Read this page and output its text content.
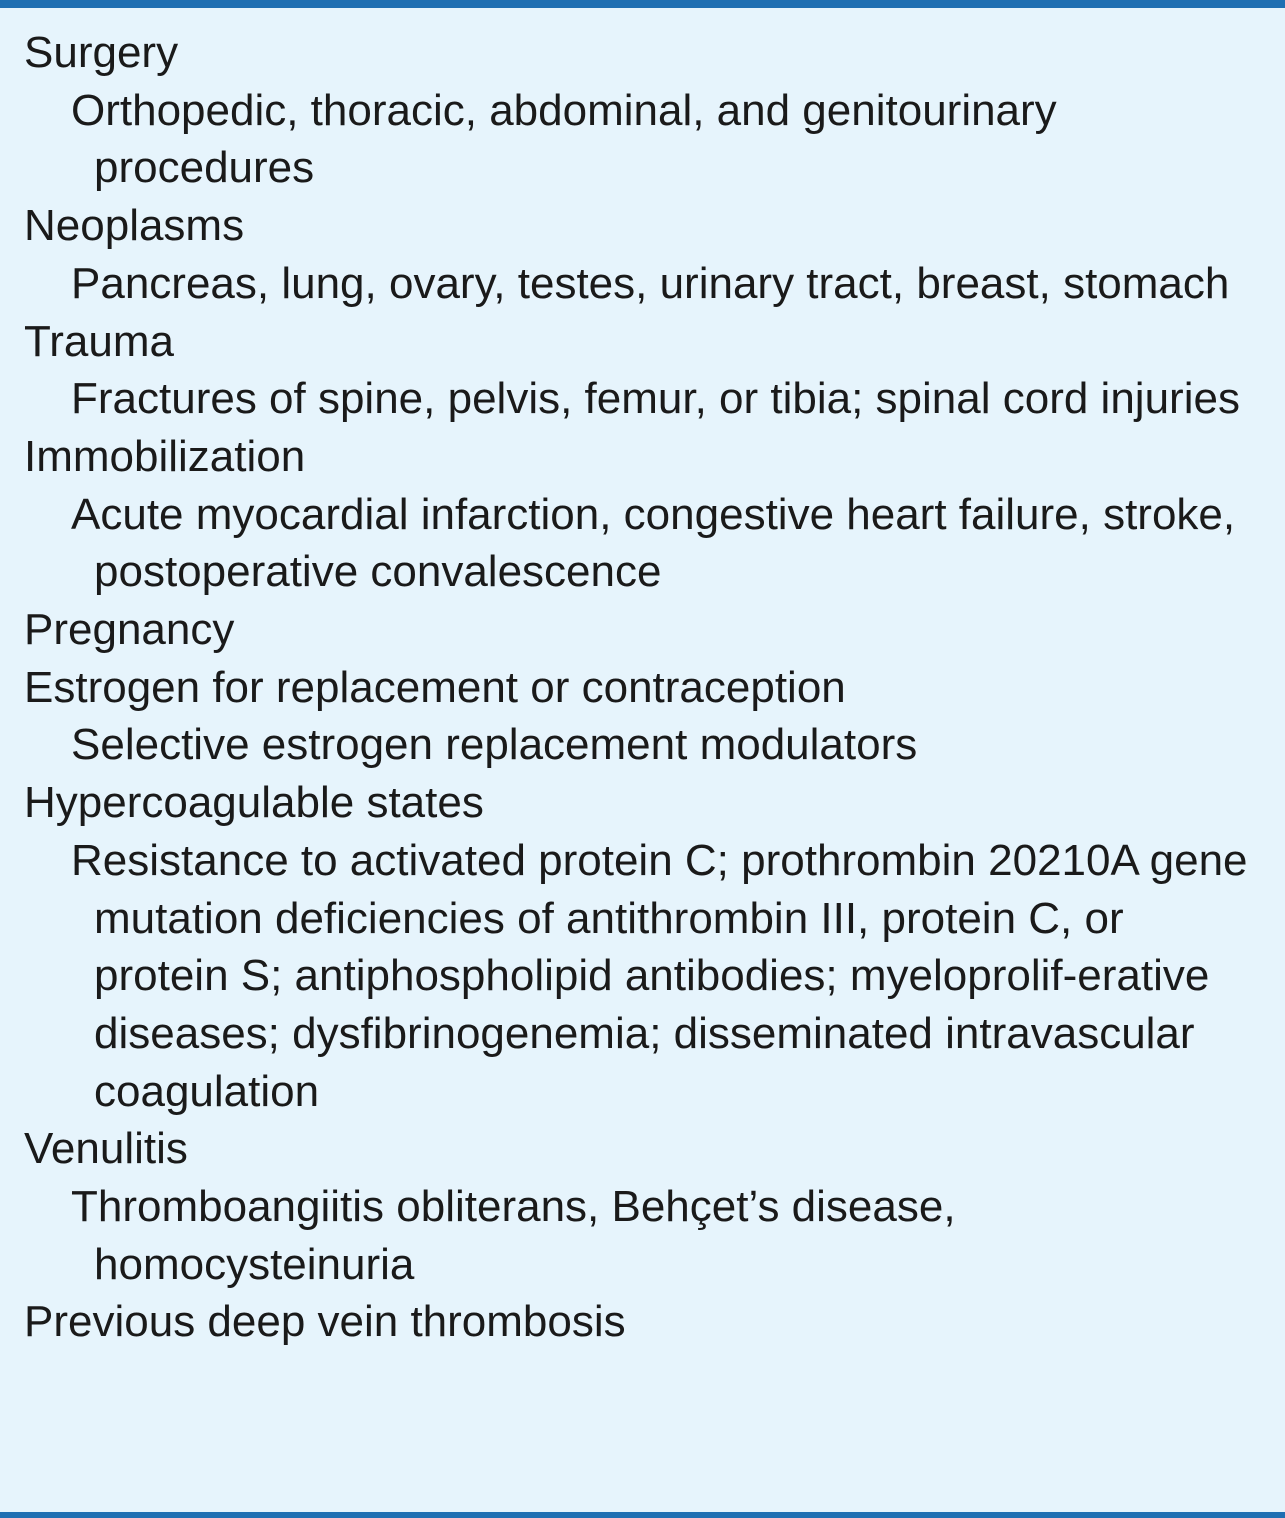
Surgery
Orthopedic, thoracic, abdominal, and genitourinary procedures
Neoplasms
Pancreas, lung, ovary, testes, urinary tract, breast, stomach
Trauma
Fractures of spine, pelvis, femur, or tibia; spinal cord injuries
Immobilization
Acute myocardial infarction, congestive heart failure, stroke, postoperative convalescence
Pregnancy
Estrogen for replacement or contraception
Selective estrogen replacement modulators
Hypercoagulable states
Resistance to activated protein C; prothrombin 20210A gene mutation deficiencies of antithrombin III, protein C, or protein S; antiphospholipid antibodies; myeloprolif-erative diseases; dysfibrinogenemia; disseminated intravascular coagulation
Venulitis
Thromboangiitis obliterans, Behçet’s disease, homocysteinuria
Previous deep vein thrombosis
